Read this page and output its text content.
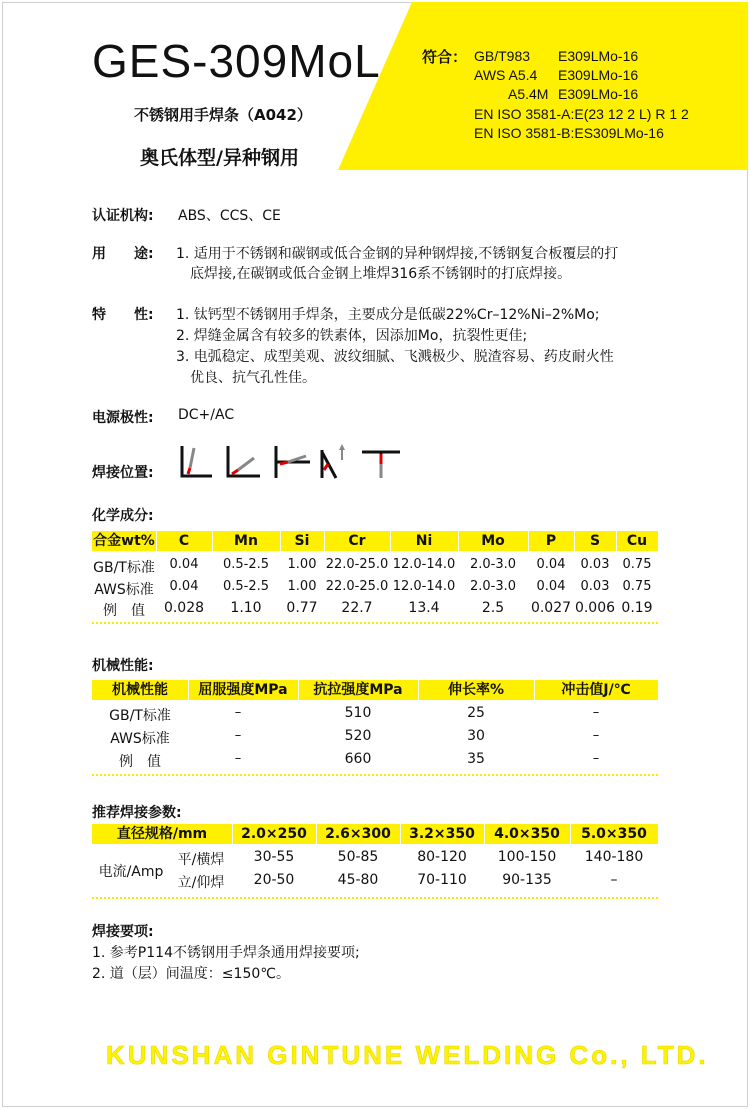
GES-309MoL
不锈钢用手焊条（A042）
奥氏体型/异种钢用
符合： GB/T983 E309LMo-16
AWS A5.4 E309LMo-16
A5.4M E309LMo-16
EN ISO 3581-A:E(23 12 2 L) R 1 2
EN ISO 3581-B:ES309LMo-16
认证机构: ABS、CCS、CE
用　　途: 1. 适用于不锈钢和碳钢或低合金钢的异种钢焊接,不锈钢复合板覆层的打
底焊接,在碳钢或低合金钢上堆焊316系不锈钢时的打底焊接。
特　　性: 1. 钛钙型不锈钢用手焊条，主要成分是低碳22%Cr–12%Ni–2%Mo;
2. 焊缝金属含有较多的铁素体，因添加Mo，抗裂性更佳;
3. 电弧稳定、成型美观、波纹细腻、飞溅极少、脱渣容易、药皮耐火性
优良、抗气孔性佳。
电源极性: DC+/AC
焊接位置:
化学成分:
合金wt%	C	Mn	Si	Cr	Ni	Mo	P	S	Cu
GB/T标准	0.04	0.5-2.5	1.00 22.0-25.0 12.0-14.0	2.0-3.0	0.04	0.03	0.75
AWS标准	0.04	0.5-2.5	1.00 22.0-25.0 12.0-14.0	2.0-3.0	0.04	0.03	0.75
例　值	0.028	1.10	0.77	22.7	13.4	2.5	0.027 0.006 0.19
机械性能:
机械性能	屈服强度MPa	抗拉强度MPa	伸长率%	冲击值J/℃
GB/T标准	–	510	25	–
AWS标准	–	520	30	–
例　值	–	660	35	–
推荐焊接参数:
直径规格/mm	2.0×250	2.6×300	3.2×350	4.0×350	5.0×350
电流/Amp
平/横焊	30-55	50-85	80-120	100-150	140-180
立/仰焊	20-50	45-80	70-110	90-135	–
焊接要项:
1. 参考P114不锈钢用手焊条通用焊接要项;
2. 道（层）间温度：≤150℃。
KUNSHAN GINTUNE WELDING Co., LTD.
